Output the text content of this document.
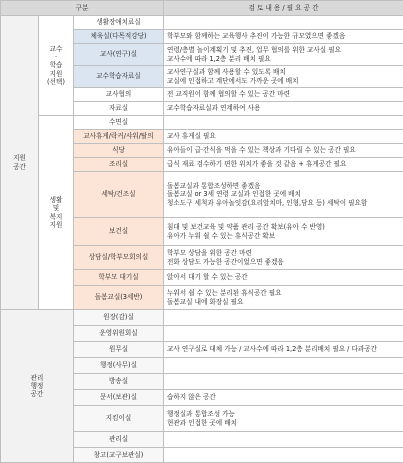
구분			검 토 내 용 / 필 요 공 간
지원
공간	교수
·
학습
지원
(선택)	생활장애치료실	
		체육실(다목적강당)	학부모와 함께하는 교육행사 추진이 가능한 규모였으면 좋겠음
		교사(연구)실	연령/층별 놀이계획기 및 추진, 업무 협의를 위한 교사실 필요
교사수에 따라 1,2층 분리 배치 필요

		교수학습자료실	교사연구실과 함께 사용할 수 있도록 배치
교실에 인접하고 계단에서도 가까운 곳에 배치

		교사협의	전 교직원이 함께 협의할 수 있는 공간 마련
		자료실	교수학습자료실과 연계하여 사용
	생활
및
복지
지원	수면실	
		교사휴게/락커/샤워/탈의	교사 휴게실 필요
		식당	유아들이 급·간식을 먹을 수 있는 책상과 기다릴 수 있는 공간 필요
		조리실	급식 재료 검수하기 편한 위치가 좋을 것 같음 + 휴게공간 필요
		세탁/건조실	돌봄교실과 통합조성하면 좋겠음
돌봄교실 or 3세 연령 교실과 인접한 곳에 배치
청소도구 세척과 유아놀잇감(요리앞치마, 인형,담요 등) 세탁이 필요함

		보건실	침대 및 보건교육 및 약품 관리 공간 확보(유아 수 반영)
유아가 누워 쉴 수 있는 휴식공간 확보

		상담실/학부모회의실	학부모 상담을 위한 공간 마련
전화 상담도 가능한 공간이었으면 좋겠음

		학부모 대기실	앉아서 대기 할 수 있는 공간
		돌봄교실(3세반)	누워서 쉴 수 있는 분리된 휴식공간 필요
돌봄교실 내에 화장실 필요

관리
행정
공간		원장(감)실	
		운영위원회실	
		원무실	교사 연구실로 대체 가능 / 교사수에 따라 1,2층 분리배치 필요 / 다과공간
		행정(사무)실	
		방송실	
		문서(보관)실	습하지 않은 공간
		지킴이실	행정실과 통합조성 가능
현관과 인접한 곳에 배치

		관리실	
		창고(교구보관실)	
